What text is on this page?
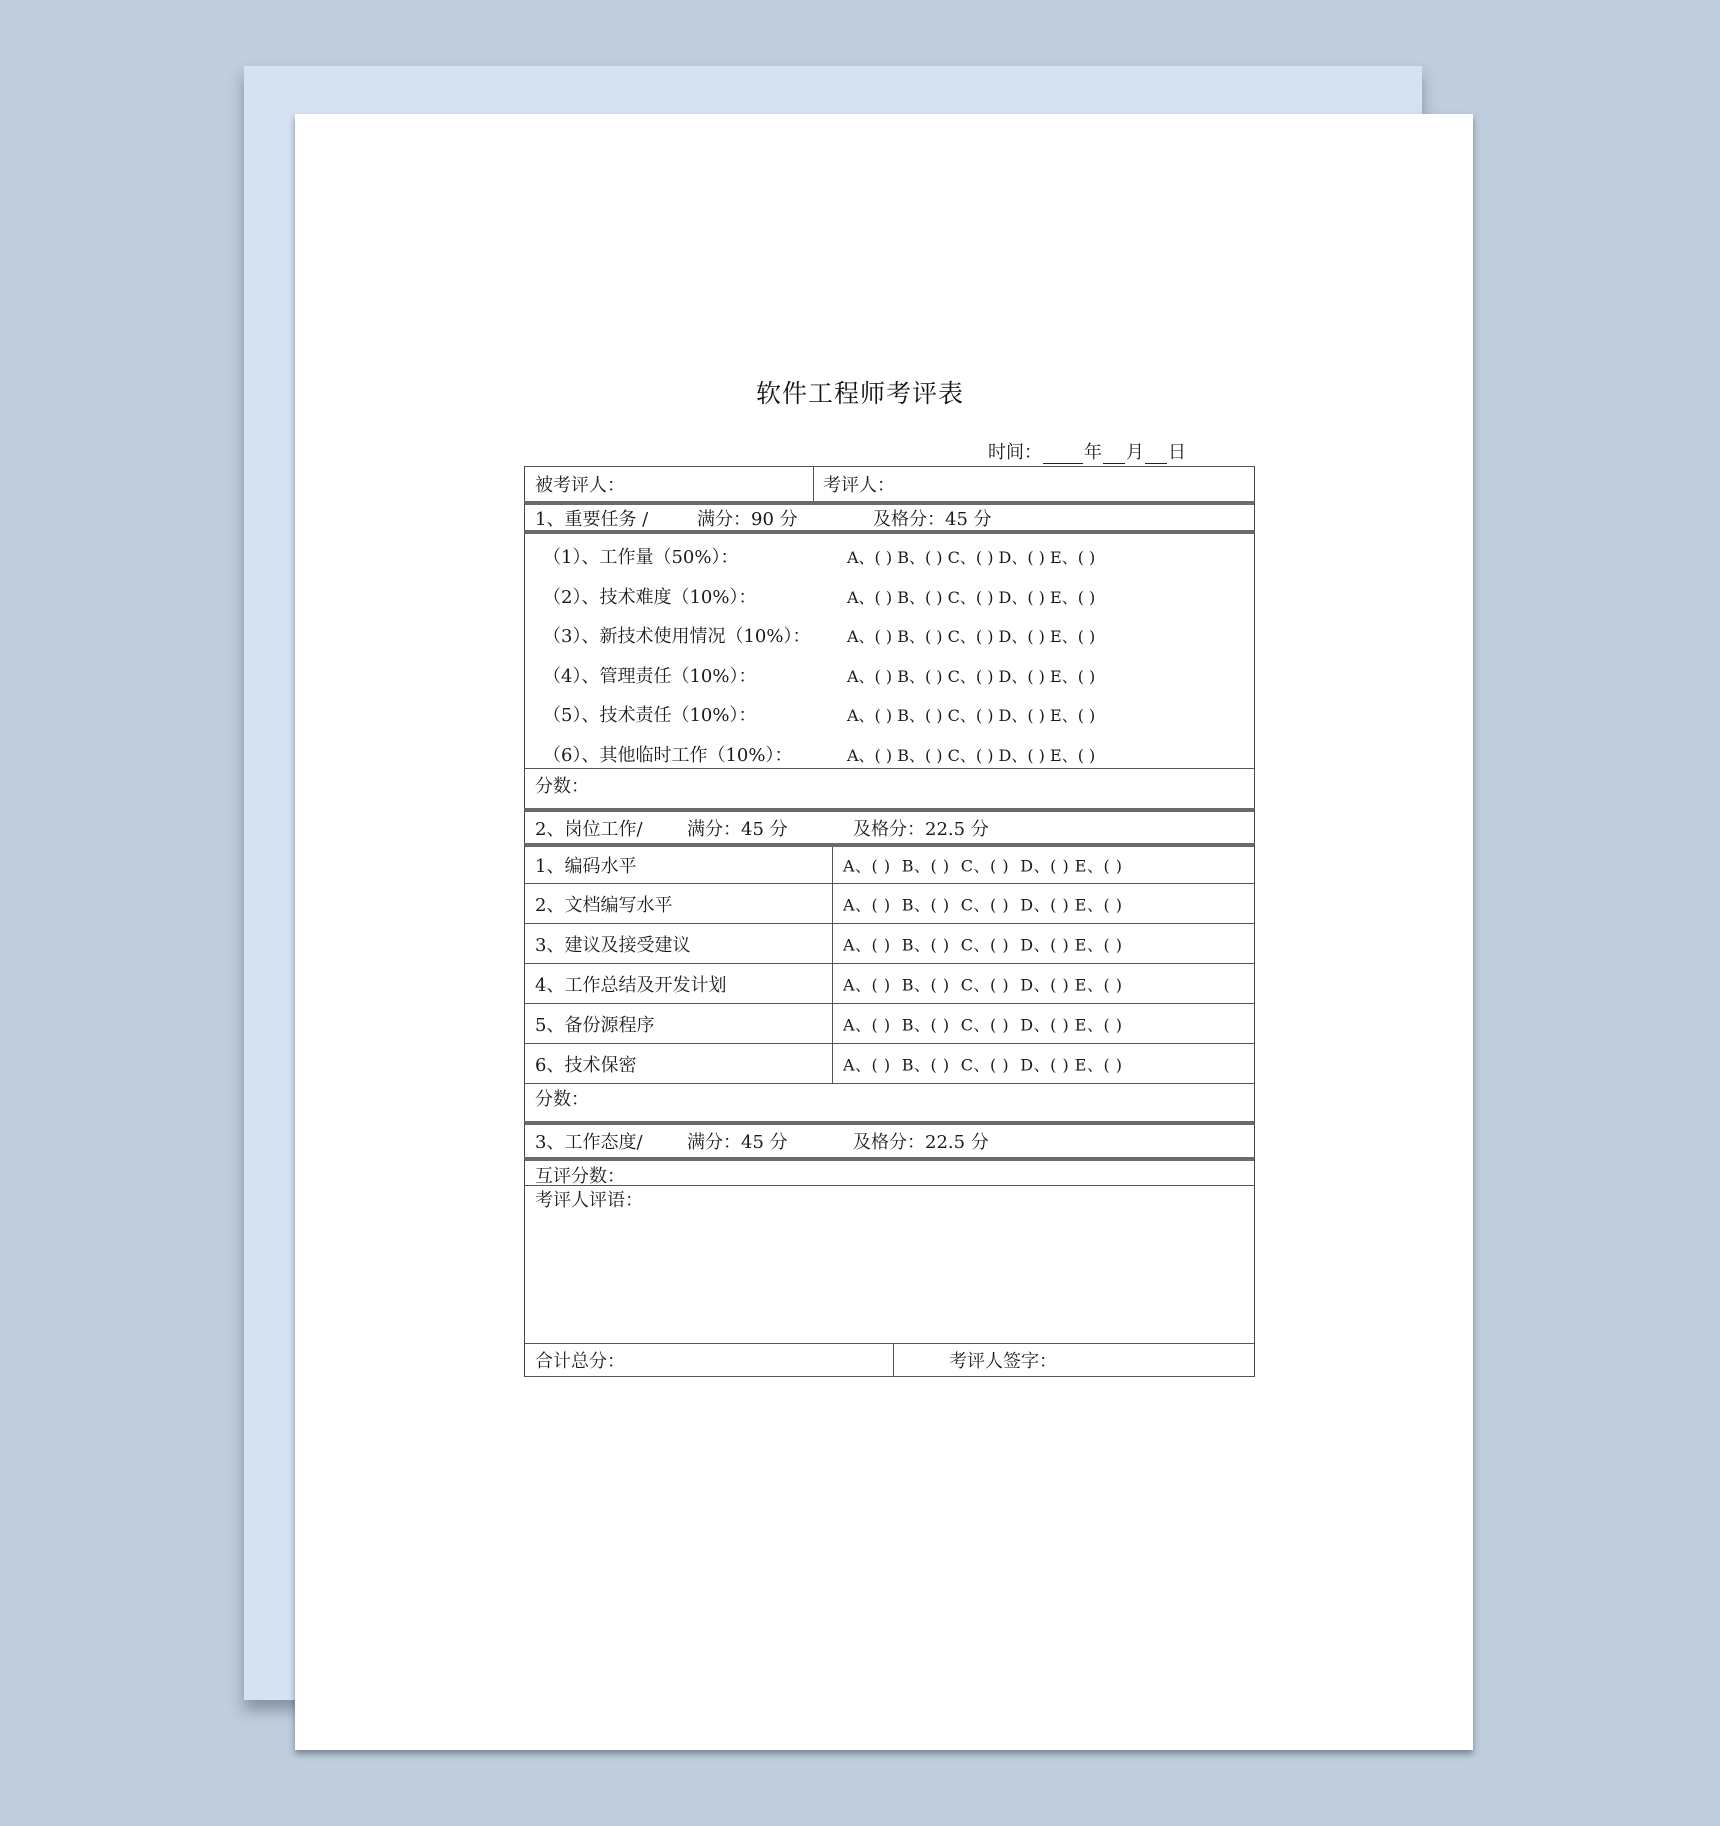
软件工程师考评表
时间： 年 月 日
被考评人：	考评人：
1、重要任务 /	满分：90 分	及格分：45 分
（1）、工作量（50%）：	A、( ) B、( ) C、( ) D、( ) E、( )
（2）、技术难度（10%）：	A、( ) B、( ) C、( ) D、( ) E、( )
（3）、新技术使用情况（10%）： A、( ) B、( ) C、( ) D、( ) E、( )
（4）、管理责任（10%）：	A、( ) B、( ) C、( ) D、( ) E、( )
（5）、技术责任（10%）：	A、( ) B、( ) C、( ) D、( ) E、( )
（6）、其他临时工作（10%）：	A、( ) B、( ) C、( ) D、( ) E、( )
分数：
2、岗位工作/ 满分：45 分	及格分：22.5 分
1、编码水平	A、( )  B、( )  C、( )  D、( ) E、( )
2、文档编写水平	A、( )  B、( )  C、( )  D、( ) E、( )
3、建议及接受建议	A、( )  B、( )  C、( )  D、( ) E、( )
4、工作总结及开发计划	A、( )  B、( )  C、( )  D、( ) E、( )
5、备份源程序	A、( )  B、( )  C、( )  D、( ) E、( )
6、技术保密	A、( )  B、( )  C、( )  D、( ) E、( )
分数：
3、工作态度/ 满分：45 分	及格分：22.5 分
互评分数：
考评人评语：
合计总分：	考评人签字：
